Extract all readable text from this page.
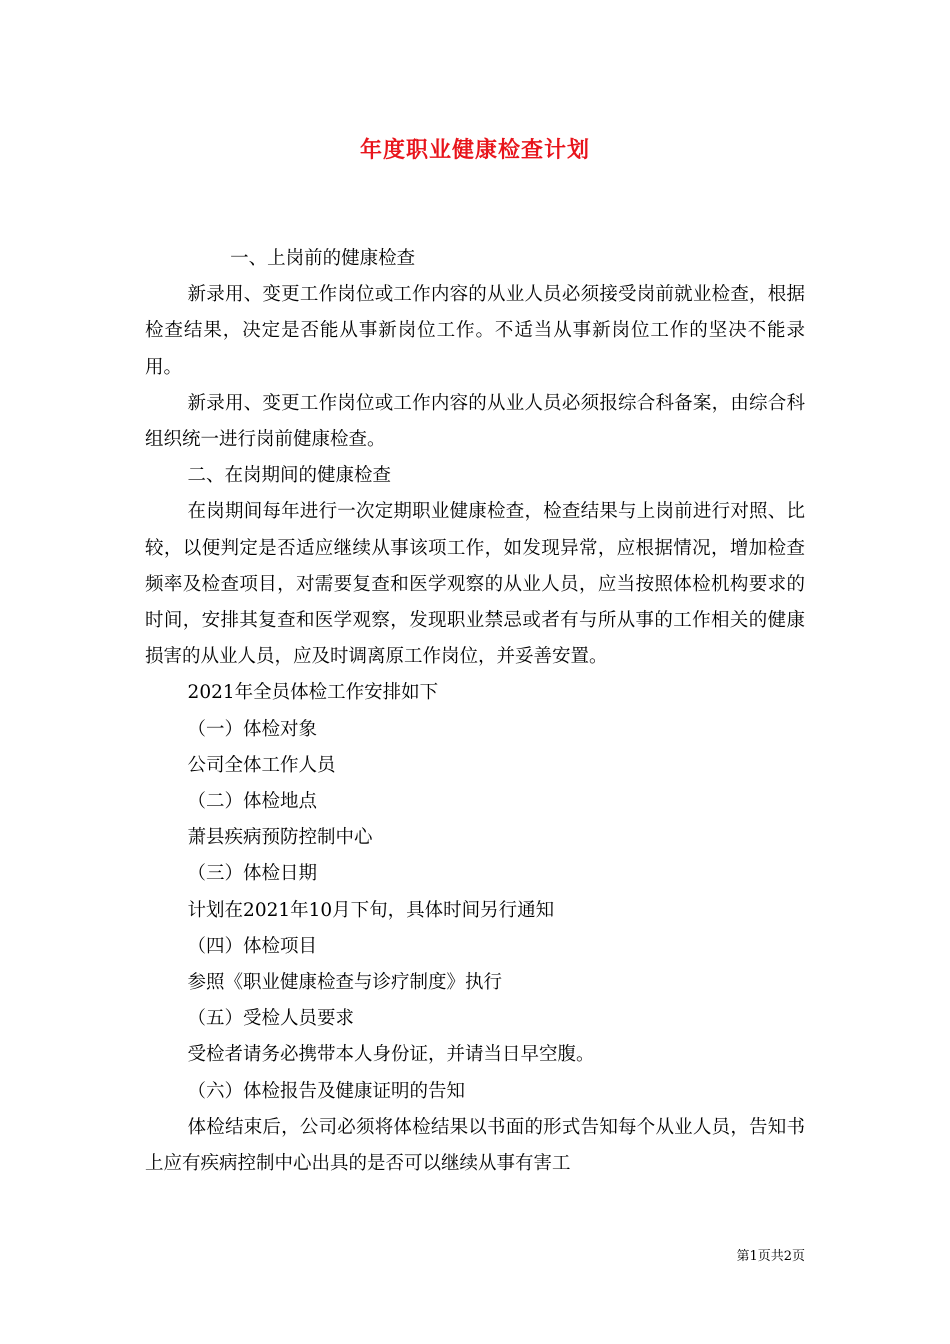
年度职业健康检查计划

一、上岗前的健康检查

新录用、变更工作岗位或工作内容的从业人员必须接受岗前就业检查，根据检查结果，决定是否能从事新岗位工作。不适当从事新岗位工作的坚决不能录用。

新录用、变更工作岗位或工作内容的从业人员必须报综合科备案，由综合科组织统一进行岗前健康检查。

二、在岗期间的健康检查

在岗期间每年进行一次定期职业健康检查，检查结果与上岗前进行对照、比较，以便判定是否适应继续从事该项工作，如发现异常，应根据情况，增加检查频率及检查项目，对需要复查和医学观察的从业人员，应当按照体检机构要求的时间，安排其复查和医学观察，发现职业禁忌或者有与所从事的工作相关的健康损害的从业人员，应及时调离原工作岗位，并妥善安置。

2021年全员体检工作安排如下

（一）体检对象

公司全体工作人员

（二）体检地点

萧县疾病预防控制中心

（三）体检日期

计划在2021年10月下旬，具体时间另行通知

（四）体检项目

参照《职业健康检查与诊疗制度》执行

（五）受检人员要求

受检者请务必携带本人身份证，并请当日早空腹。

（六）体检报告及健康证明的告知

体检结束后，公司必须将体检结果以书面的形式告知每个从业人员，告知书上应有疾病控制中心出具的是否可以继续从事有害工

第1页共2页
